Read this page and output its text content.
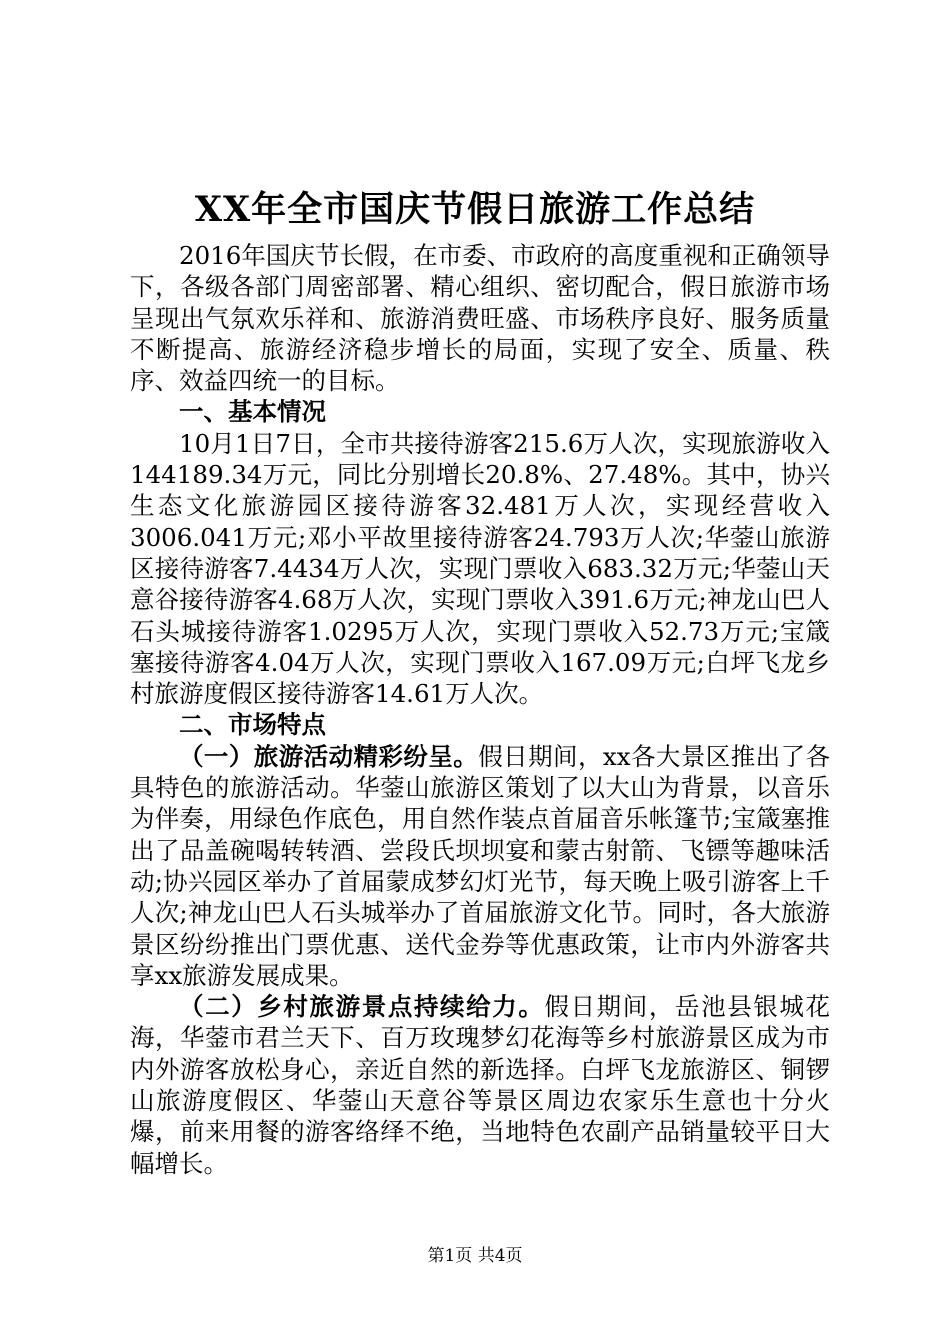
XX年全市国庆节假日旅游工作总结

2016年国庆节长假，在市委、市政府的高度重视和正确领导下，各级各部门周密部署、精心组织、密切配合，假日旅游市场呈现出气氛欢乐祥和、旅游消费旺盛、市场秩序良好、服务质量不断提高、旅游经济稳步增长的局面，实现了安全、质量、秩序、效益四统一的目标。

一、基本情况

10月1日7日，全市共接待游客215.6万人次，实现旅游收入144189.34万元，同比分别增长20.8%、27.48%。其中，协兴生态文化旅游园区接待游客32.481万人次，实现经营收入3006.041万元;邓小平故里接待游客24.793万人次;华蓥山旅游区接待游客7.4434万人次，实现门票收入683.32万元;华蓥山天意谷接待游客4.68万人次，实现门票收入391.6万元;神龙山巴人石头城接待游客1.0295万人次，实现门票收入52.73万元;宝箴塞接待游客4.04万人次，实现门票收入167.09万元;白坪飞龙乡村旅游度假区接待游客14.61万人次。

二、市场特点

（一）旅游活动精彩纷呈。假日期间，xx各大景区推出了各具特色的旅游活动。华蓥山旅游区策划了以大山为背景，以音乐为伴奏，用绿色作底色，用自然作装点首届音乐帐篷节;宝箴塞推出了品盖碗喝转转酒、尝段氏坝坝宴和蒙古射箭、飞镖等趣味活动;协兴园区举办了首届蒙成梦幻灯光节，每天晚上吸引游客上千人次;神龙山巴人石头城举办了首届旅游文化节。同时，各大旅游景区纷纷推出门票优惠、送代金券等优惠政策，让市内外游客共享xx旅游发展成果。

（二）乡村旅游景点持续给力。假日期间，岳池县银城花海，华蓥市君兰天下、百万玫瑰梦幻花海等乡村旅游景区成为市内外游客放松身心，亲近自然的新选择。白坪飞龙旅游区、铜锣山旅游度假区、华蓥山天意谷等景区周边农家乐生意也十分火爆，前来用餐的游客络绎不绝，当地特色农副产品销量较平日大幅增长。

第1页 共4页
